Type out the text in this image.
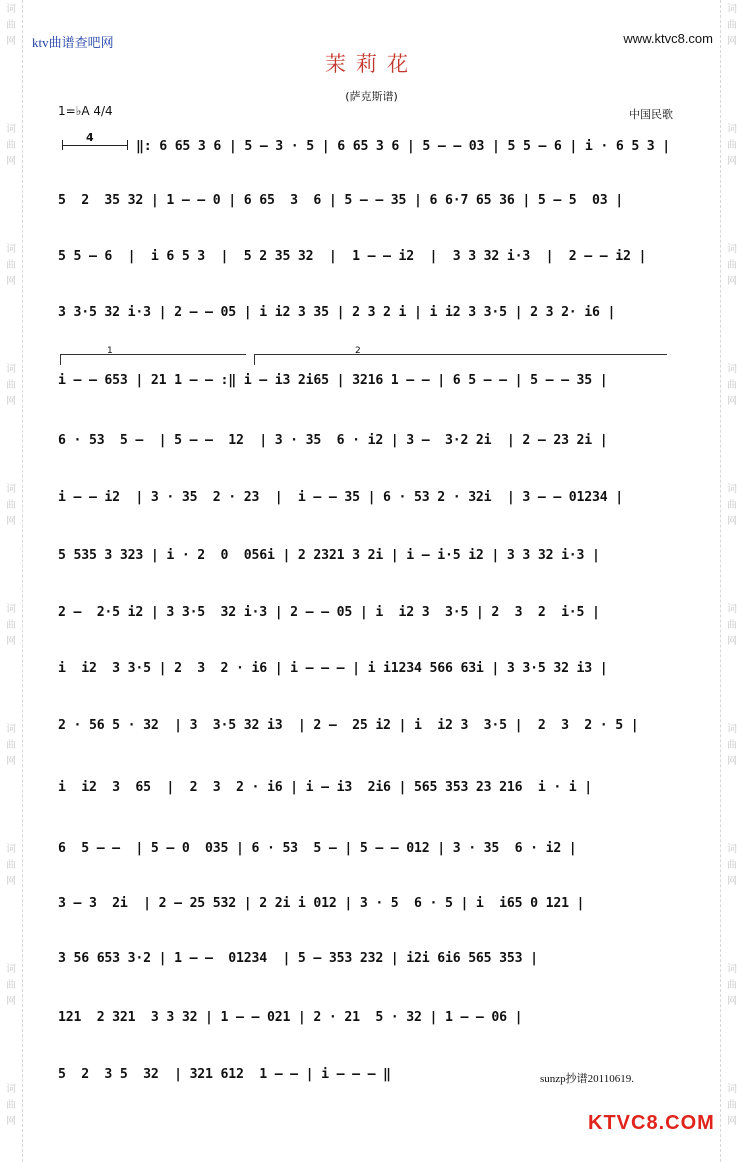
词曲网
词曲网
词曲网
词曲网
词曲网
词曲网
词曲网
词曲网
词曲网
词曲网
词曲网
词曲网
词曲网
词曲网
词曲网
词曲网
词曲网
词曲网
词曲网
词曲网
ktv曲谱查吧网	www.ktvc8.com
茉莉花
(萨克斯谱)
1=♭A 4/4	中国民歌
4
‖: 6 65 3 6 | 5 – 3 · 5 | 6 65 3 6 | 5 – – 03 | 5 5 – 6 | i · 6 5 3 |
5  2  35 32 | 1 – – 0 | 6 65  3  6 | 5 – – 35 | 6 6·7 65 36 | 5 – 5  03 |
5 5 – 6  |  i 6 5 3  |  5 2 35 32  |  1 – – i2  |  3 3 32 i·3  |  2 – – i2 |
3 3·5 32 i·3 | 2 – – 05 | i i2 3 35 | 2 3 2 i | i i2 3 3·5 | 2 3 2· i6 |
1	2
i – – 653 | 21 1 – – :‖ i – i3 2i65 | 3216 1 – – | 6 5 – – | 5 – – 35 |
6 · 53  5 –  | 5 – –  12  | 3 · 35  6 · i2 | 3 –  3·2 2i  | 2 – 23 2i |
i – – i2  | 3 · 35  2 · 23  |  i – – 35 | 6 · 53 2 · 32i  | 3 – – 01234 |
5 535 3 323 | i · 2  0  056i | 2 2321 3 2i | i – i·5 i2 | 3 3 32 i·3 |
2 –  2·5 i2 | 3 3·5  32 i·3 | 2 – – 05 | i  i2 3  3·5 | 2  3  2  i·5 |
i  i2  3 3·5 | 2  3  2 · i6 | i – – – | i i1234 566 63i | 3 3·5 32 i3 |
2 · 56 5 · 32  | 3  3·5 32 i3  | 2 –  25 i2 | i  i2 3  3·5 |  2  3  2 · 5 |
i  i2  3  65  |  2  3  2 · i6 | i – i3  2i6 | 565 353 23 216  i · i |
6  5 – –  | 5 – 0  035 | 6 · 53  5 – | 5 – – 012 | 3 · 35  6 · i2 |
3 – 3  2i  | 2 – 25 532 | 2 2i i 012 | 3 · 5  6 · 5 | i  i65 0 121 |
3 56 653 3·2 | 1 – –  01234  | 5 – 353 232 | i2i 6i6 565 353 |
121  2 321  3 3 32 | 1 – – 021 | 2 · 21  5 · 32 | 1 – – 06 |
5  2  3 5  32  | 321 612  1 – – | i – – – ‖	sunzp抄谱20110619.
KTVC8.COM
